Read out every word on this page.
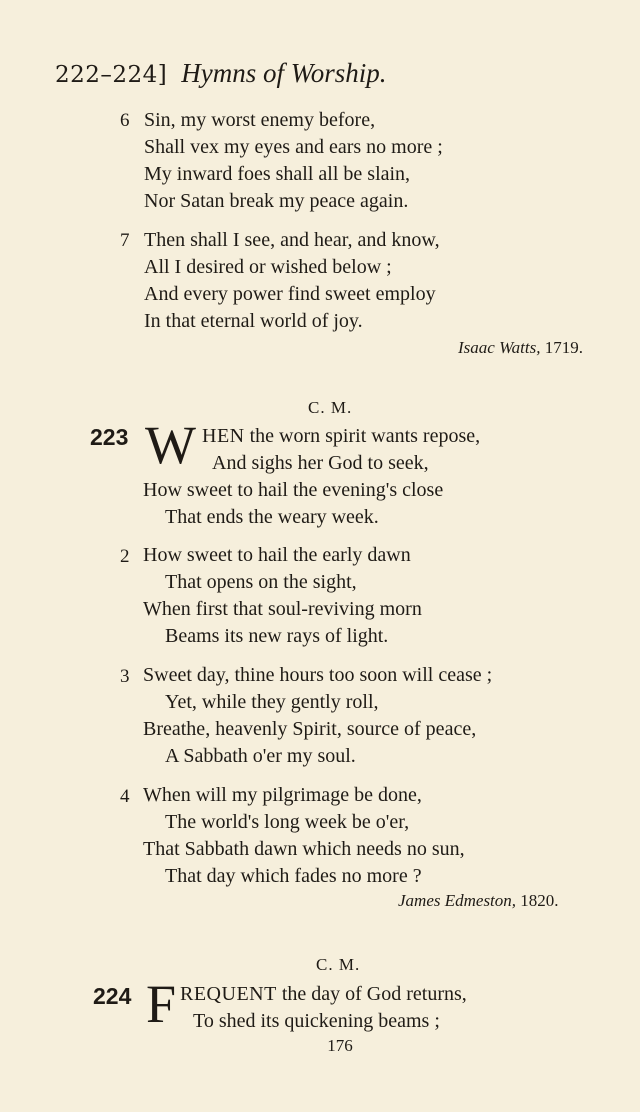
222–224] Hymns of Worship.
6 Sin, my worst enemy before,
Shall vex my eyes and ears no more ;
My inward foes shall all be slain,
Nor Satan break my peace again.
7 Then shall I see, and hear, and know,
All I desired or wished below ;
And every power find sweet employ
In that eternal world of joy.
Isaac Watts, 1719.
C. M.
223 W HEN the worn spirit wants repose,
And sighs her God to seek,
How sweet to hail the evening's close
That ends the weary week.
2 How sweet to hail the early dawn
That opens on the sight,
When first that soul-reviving morn
Beams its new rays of light.
3 Sweet day, thine hours too soon will cease ;
Yet, while they gently roll,
Breathe, heavenly Spirit, source of peace,
A Sabbath o'er my soul.
4 When will my pilgrimage be done,
The world's long week be o'er,
That Sabbath dawn which needs no sun,
That day which fades no more ?
James Edmeston, 1820.
C. M.
224 F REQUENT the day of God returns,
To shed its quickening beams ;
176
